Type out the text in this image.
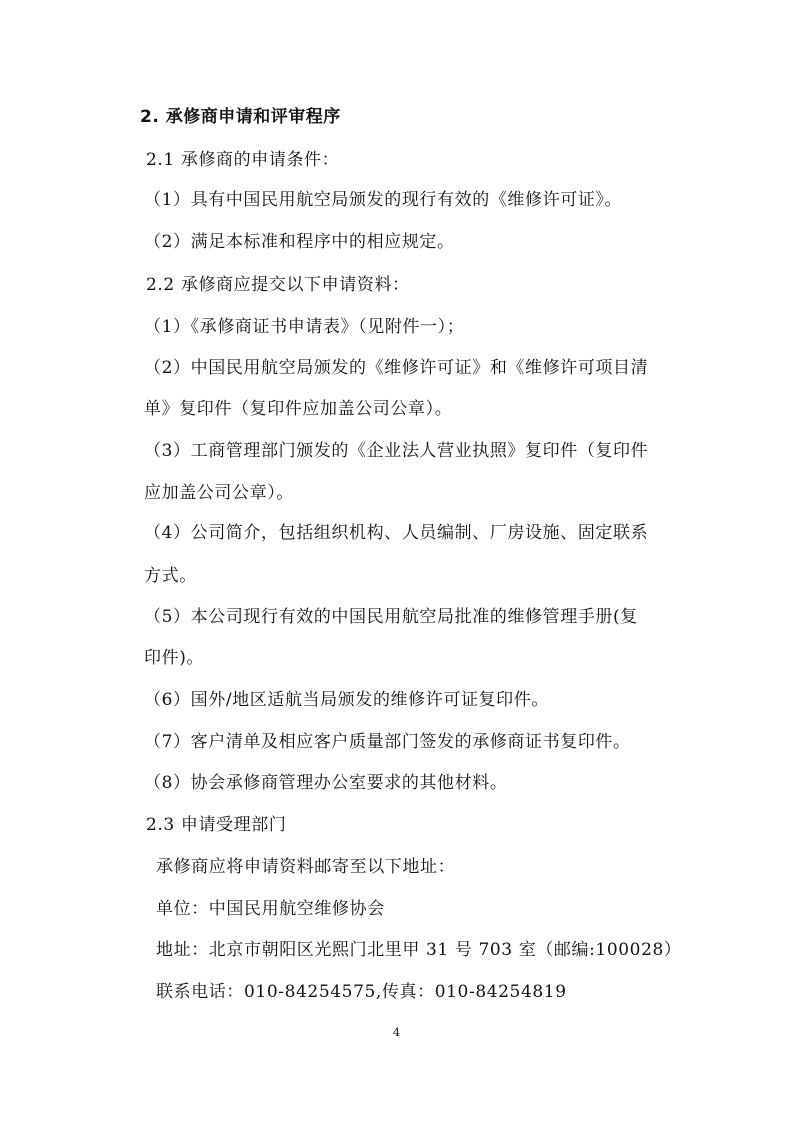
2. 承修商申请和评审程序
2.1 承修商的申请条件：
（1）具有中国民用航空局颁发的现行有效的《维修许可证》。
（2）满足本标准和程序中的相应规定。
2.2 承修商应提交以下申请资料：
（1）《承修商证书申请表》（见附件一）；
（2）中国民用航空局颁发的《维修许可证》和《维修许可项目清
单》复印件（复印件应加盖公司公章）。
（3）工商管理部门颁发的《企业法人营业执照》复印件（复印件
应加盖公司公章）。
（4）公司简介，包括组织机构、人员编制、厂房设施、固定联系
方式。
（5）本公司现行有效的中国民用航空局批准的维修管理手册(复
印件)。
（6）国外/地区适航当局颁发的维修许可证复印件。
（7）客户清单及相应客户质量部门签发的承修商证书复印件。
（8）协会承修商管理办公室要求的其他材料。
2.3 申请受理部门
承修商应将申请资料邮寄至以下地址：
单位：中国民用航空维修协会
地址：北京市朝阳区光熙门北里甲 31 号 703 室（邮编:100028）
联系电话：010-84254575,传真：010-84254819
4
